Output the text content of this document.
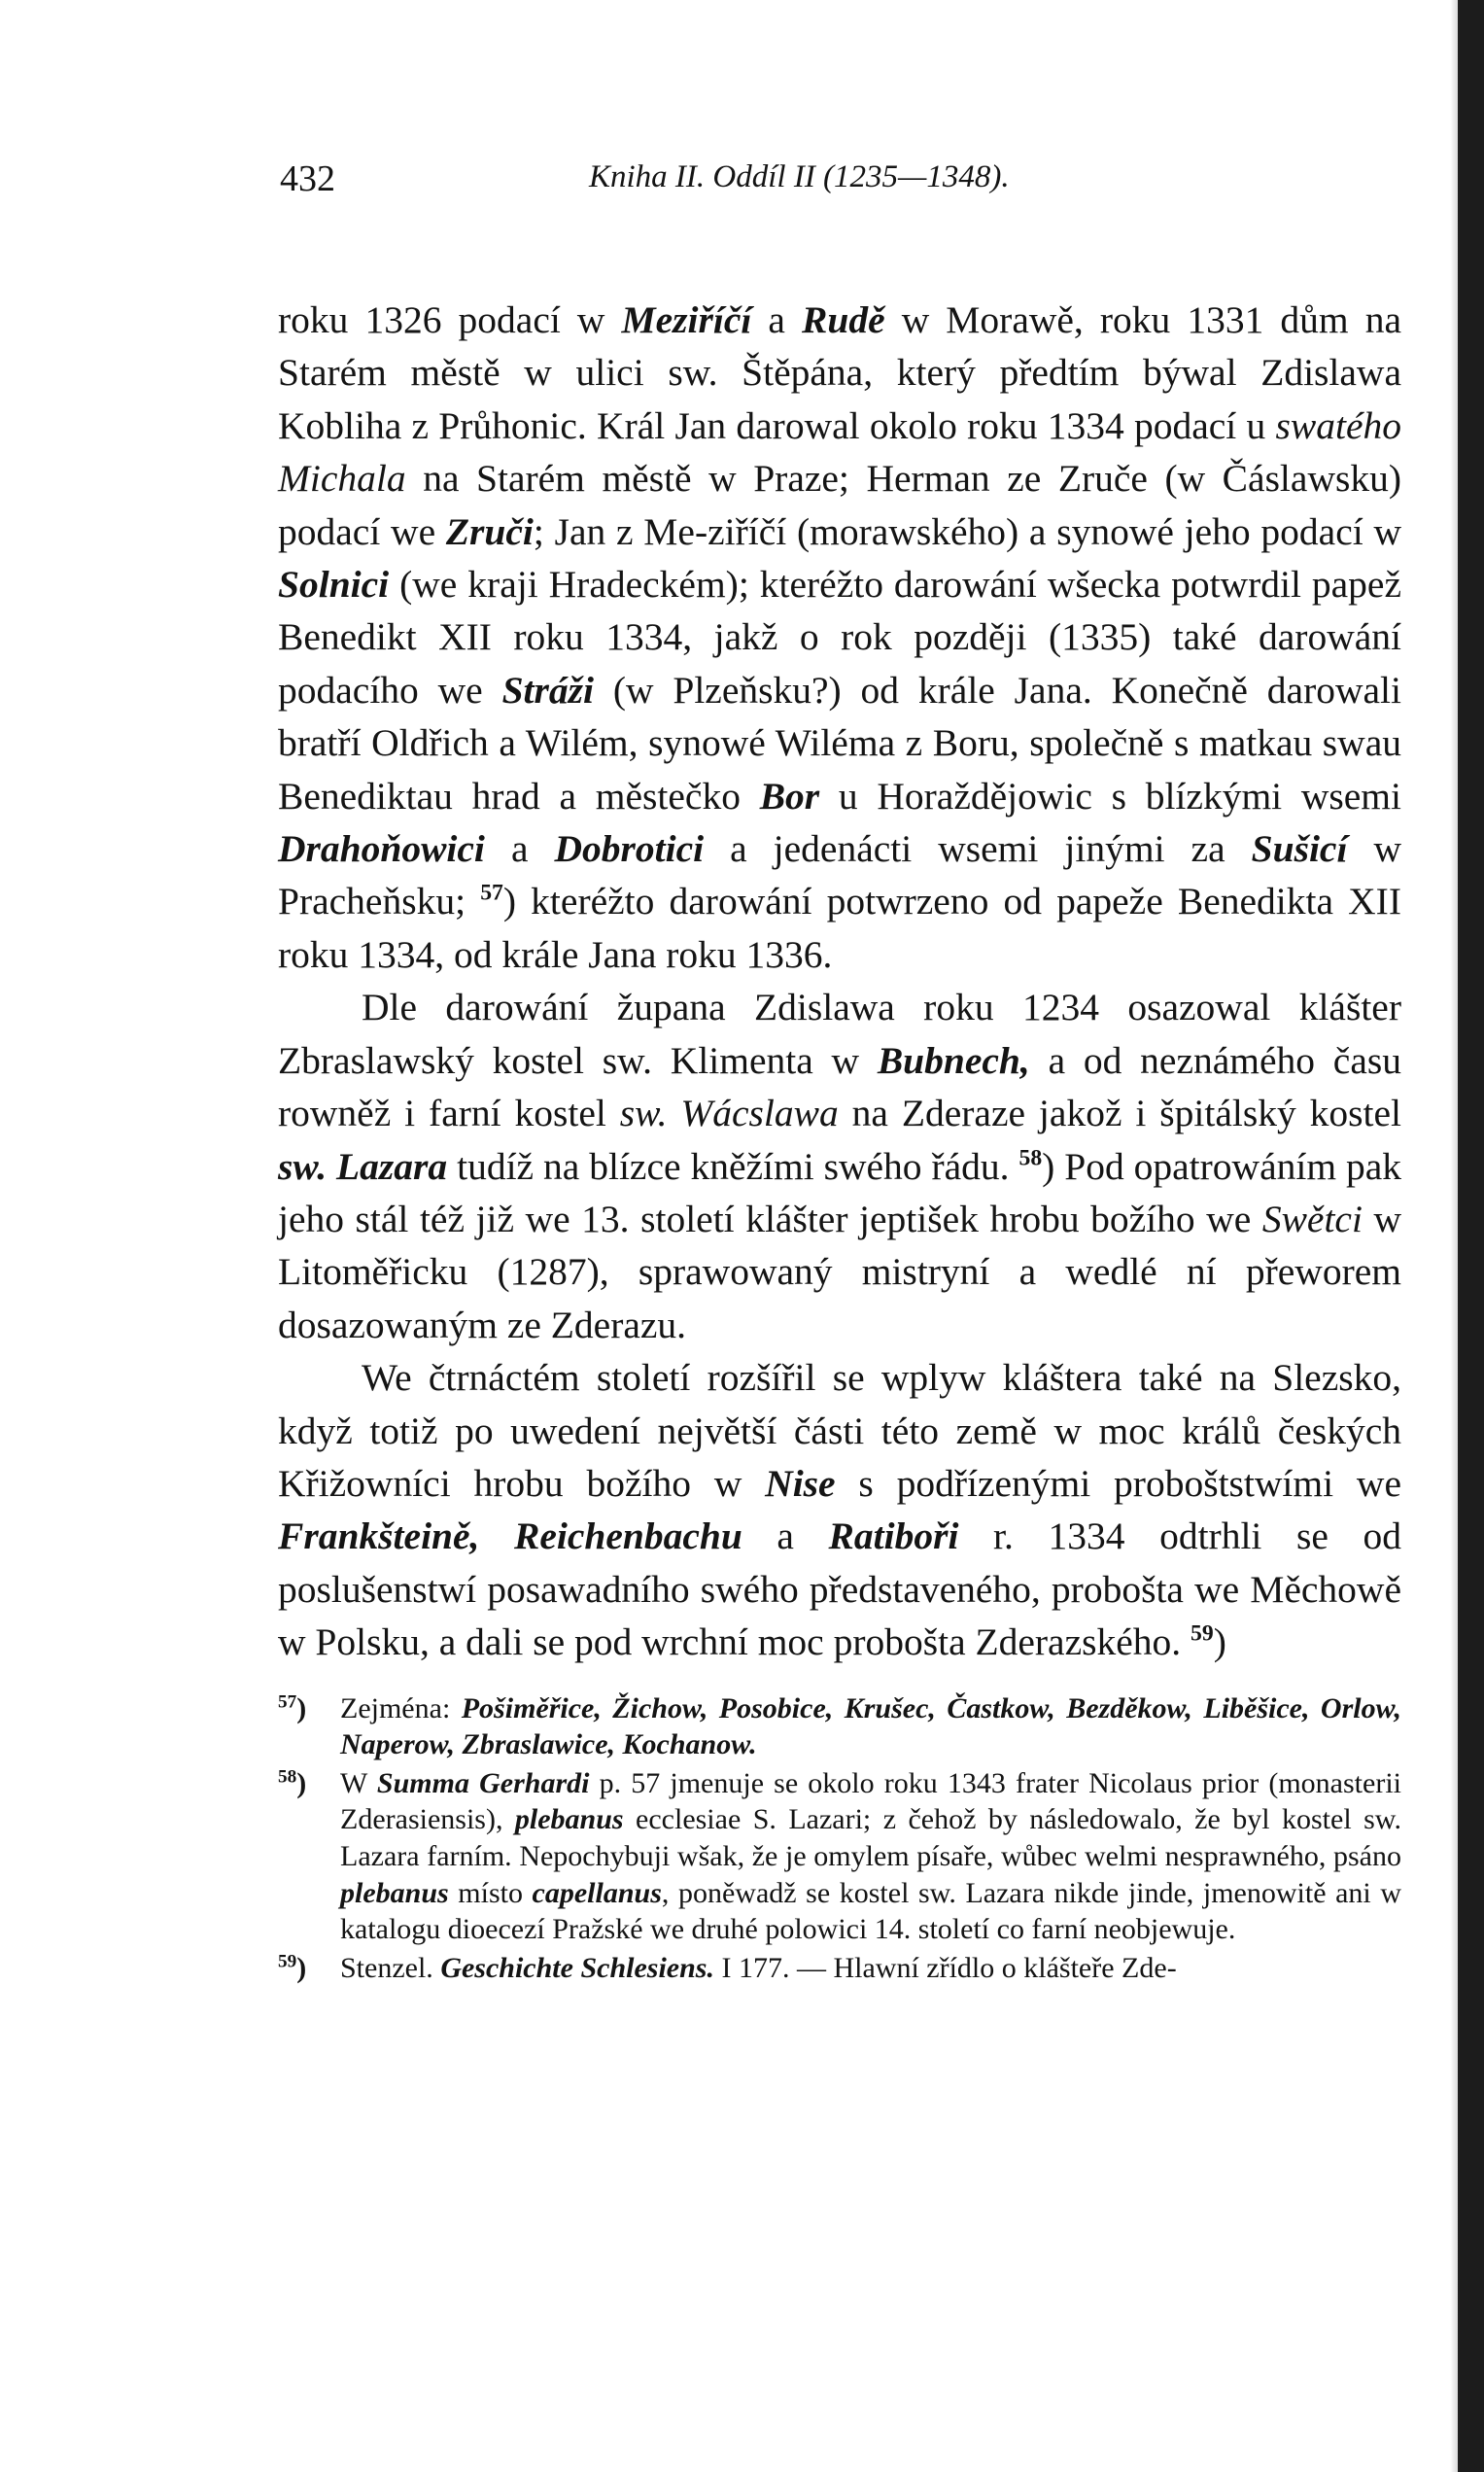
432	Kniha II. Oddíl II (1235—1348).

roku 1326 podací w Meziříčí a Rudě w Morawě, roku 1331 dům na Starém městě w ulici sw. Štěpána, který předtím býwal Zdislawa Kobliha z Průhonic. Král Jan darowal okolo roku 1334 podací u swatého Michala na Starém městě w Praze; Herman ze Zruče (w Čáslawsku) podací we Zruči; Jan z Me-ziříčí (morawského) a synowé jeho podací w Solnici (we kraji Hradeckém); kteréžto darowání wšecka potwrdil papež Benedikt XII roku 1334, jakž o rok později (1335) také darowání podacího we Stráži (w Plzeňsku?) od krále Jana. Konečně darowali bratří Oldřich a Wilém, synowé Wiléma z Boru, společně s matkau swau Benediktau hrad a městečko Bor u Horaždějowic s blízkými wsemi Drahoňowici a Dobrotici a jedenácti wsemi jinými za Sušicí w Pracheňsku; $^{57}$) kteréžto darowání potwrzeno od papeže Benedikta XII roku 1334, od krále Jana roku 1336.

Dle darowání župana Zdislawa roku 1234 osazowal klášter Zbraslawský kostel sw. Klimenta w Bubnech, a od neznámého času rowněž i farní kostel sw. Wácslawa na Zderaze jakož i špitálský kostel sw. Lazara tudíž na blízce kněžími swého řádu. $^{58}$) Pod opatrowáním pak jeho stál též již we 13. století klášter jeptišek hrobu božího we Swětci w Litoměřicku (1287), sprawowaný mistryní a wedlé ní přeworem dosazowaným ze Zderazu.

We čtrnáctém století rozšířil se wplyw kláštera také na Slezsko, když totiž po uwedení největší části této země w moc králů českých Křižowníci hrobu božího w Nise s podřízenými proboštstwími we Frankšteině, Reichenbachu a Ratiboři r. 1334 odtrhli se od poslušenstwí posawadního swého představeného, probošta we Měchowě w Polsku, a dali se pod wrchní moc probošta Zderazského. $^{59}$)

$^{57}$) Zejména: Pošiměřice, Žichow, Posobice, Krušec, Častkow, Bezděkow, Liběšice, Orlow, Naperow, Zbraslawice, Kochanow.

$^{58}$) W Summa Gerhardi p. 57 jmenuje se okolo roku 1343 frater Nicolaus prior (monasterii Zderasiensis), plebanus ecclesiae S. Lazari; z čehož by následowalo, že byl kostel sw. Lazara farním. Nepochybuji wšak, že je omylem písaře, wůbec welmi nesprawného, psáno plebanus místo capellanus, poněwadž se kostel sw. Lazara nikde jinde, jmenowitě ani w katalogu dioecezí Pražské we druhé polowici 14. století co farní neobjewuje.

$^{59}$) Stenzel. Geschichte Schlesiens. I 177. — Hlawní zřídlo o klášteře Zde-
